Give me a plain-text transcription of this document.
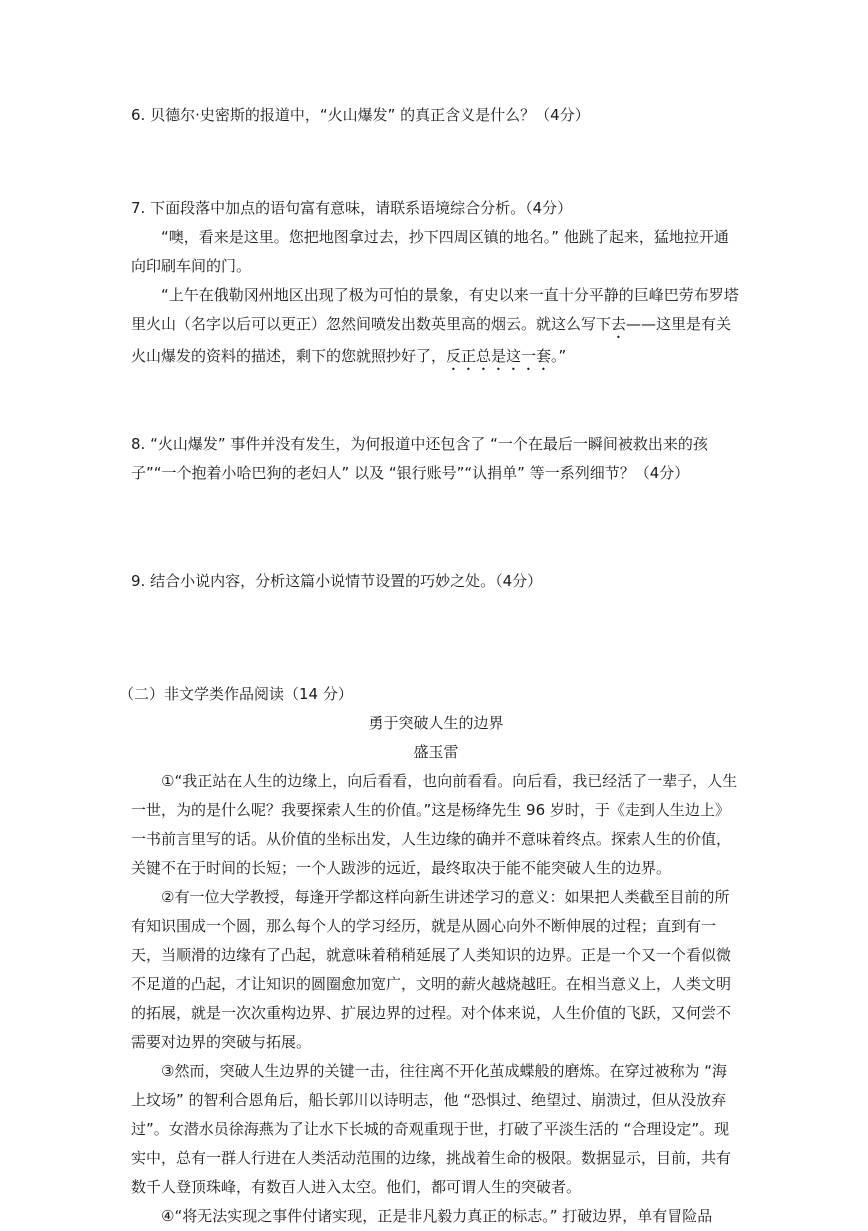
6. 贝德尔·史密斯的报道中，“火山爆发” 的真正含义是什么？（4分）

7. 下面段落中加点的语句富有意味，请联系语境综合分析。（4分）

“噢，看来是这里。您把地图拿过去，抄下四周区镇的地名。” 他跳了起来，猛地拉开通向印刷车间的门。

“上午在俄勒冈州地区出现了极为可怕的景象，有史以来一直十分平静的巨峰巴劳布罗塔里火山（名字以后可以更正）忽然间喷发出数英里高的烟云。就这么写下去——这里是有关火山爆发的资料的描述，剩下的您就照抄好了，反正总是这一套。”

8. “火山爆发” 事件并没有发生，为何报道中还包含了 “一个在最后一瞬间被救出来的孩子”“一个抱着小哈巴狗的老妇人” 以及 “银行账号”“认捐单” 等一系列细节？（4分）

9. 结合小说内容，分析这篇小说情节设置的巧妙之处。（4分）

（二）非文学类作品阅读（14 分）

勇于突破人生的边界

盛玉雷

①“我正站在人生的边缘上，向后看看，也向前看看。向后看，我已经活了一辈子，人生一世，为的是什么呢？我要探索人生的价值。”这是杨绛先生 96 岁时，于《走到人生边上》一书前言里写的话。从价值的坐标出发，人生边缘的确并不意味着终点。探索人生的价值，关键不在于时间的长短；一个人跋涉的远近，最终取决于能不能突破人生的边界。

②有一位大学教授，每逢开学都这样向新生讲述学习的意义：如果把人类截至目前的所有知识围成一个圆，那么每个人的学习经历，就是从圆心向外不断伸展的过程；直到有一天，当顺滑的边缘有了凸起，就意味着稍稍延展了人类知识的边界。正是一个又一个看似微不足道的凸起，才让知识的圆圈愈加宽广，文明的薪火越烧越旺。在相当意义上，人类文明的拓展，就是一次次重构边界、扩展边界的过程。对个体来说，人生价值的飞跃，又何尝不需要对边界的突破与拓展。

③然而，突破人生边界的关键一击，往往离不开化茧成蝶般的磨炼。在穿过被称为 “海上坟场” 的智利合恩角后，船长郭川以诗明志，他 “恐惧过、绝望过、崩溃过，但从没放弃过”。女潜水员徐海燕为了让水下长城的奇观重现于世，打破了平淡生活的 “合理设定”。现实中，总有一群人行进在人类活动范围的边缘，挑战着生命的极限。数据显示，目前，共有数千人登顶珠峰，有数百人进入太空。他们，都可谓人生的突破者。

④“将无法实现之事件付诸实现，正是非凡毅力真正的标志。” 打破边界，单有冒险品
